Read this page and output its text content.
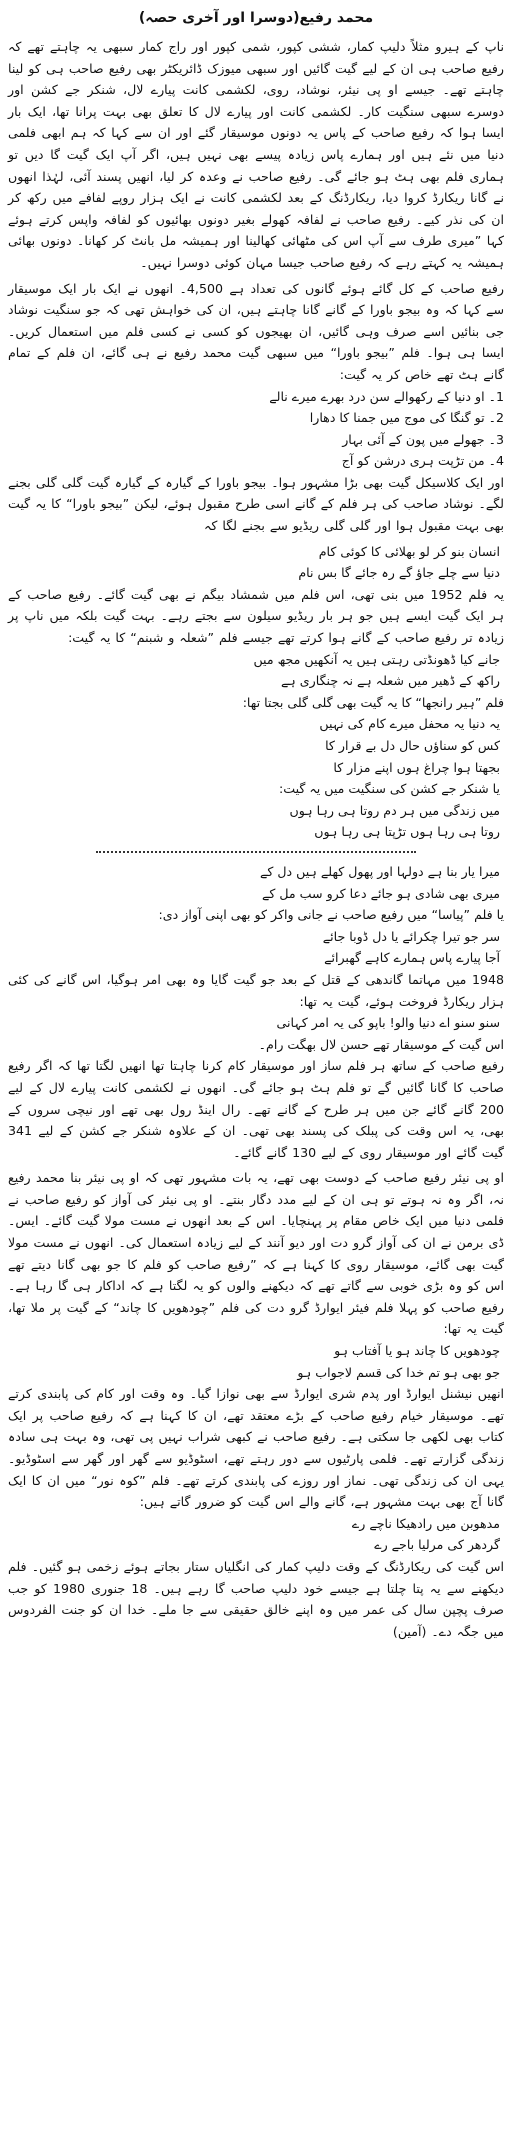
محمد رفیع(دوسرا اور آخری حصہ)

ناپ کے ہیرو مثلاً دلیپ کمار، ششی کپور، شمی کپور اور راج کمار سبھی یہ چاہتے تھے کہ رفیع صاحب ہی ان کے لیے گیت گائیں اور سبھی میوزک ڈائریکٹر بھی رفیع صاحب ہی کو لینا چاہتے تھے۔ جیسے او پی نیئر، نوشاد، روی، لکشمی کانت پیارے لال، شنکر جے کشن اور دوسرے سبھی سنگیت کار۔ لکشمی کانت اور پیارے لال کا تعلق بھی بہت پرانا تھا، ایک بار ایسا ہوا کہ رفیع صاحب کے پاس یہ دونوں موسیقار گئے اور ان سے کہا کہ ہم ابھی فلمی دنیا میں نئے ہیں اور ہمارے پاس زیادہ پیسے بھی نہیں ہیں، اگر آپ ایک گیت گا دیں تو ہماری فلم بھی ہٹ ہو جائے گی۔ رفیع صاحب نے وعدہ کر لیا، انھیں پسند آئی، لہٰذا انھوں نے گانا ریکارڈ کروا دیا، ریکارڈنگ کے بعد لکشمی کانت نے ایک ہزار روپے لفافے میں رکھ کر ان کی نذر کیے۔ رفیع صاحب نے لفافہ کھولے بغیر دونوں بھائیوں کو لفافہ واپس کرتے ہوئے کہا ”میری طرف سے آپ اس کی مٹھائی کھالینا اور ہمیشہ مل بانٹ کر کھانا۔ دونوں بھائی ہمیشہ یہ کہتے رہے کہ رفیع صاحب جیسا مہان کوئی دوسرا نہیں۔

رفیع صاحب کے کل گائے ہوئے گانوں کی تعداد ہے 4,500۔ انھوں نے ایک بار ایک موسیقار سے کہا کہ وہ بیجو باورا کے گانے گانا چاہتے ہیں، ان کی خواہش تھی کہ جو سنگیت نوشاد جی بنائیں اسے صرف وہی گائیں، ان بھیجوں کو کسی نے کسی فلم میں استعمال کریں۔ ایسا ہی ہوا۔ فلم ”بیجو باورا“ میں سبھی گیت محمد رفیع نے ہی گائے، ان فلم کے تمام گانے ہٹ تھے خاص کر یہ گیت:

1۔ او دنیا کے رکھوالے سن درد بھرے میرے نالے

2۔ تو گنگا کی موج میں جمنا کا دھارا

3۔ جھولے میں پون کے آئی بہار

4۔ من تڑپت ہری درشن کو آج

اور ایک کلاسیکل گیت بھی بڑا مشہور ہوا۔ بیجو باورا کے گیارہ کے گیارہ گیت گلی گلی بجنے لگے۔ نوشاد صاحب کی ہر فلم کے گانے اسی طرح مقبول ہوئے، لیکن ”بیجو باورا“ کا یہ گیت بھی بہت مقبول ہوا اور گلی گلی ریڈیو سے بجنے لگا کہ

انسان بنو کر لو بھلائی کا کوئی کام

دنیا سے چلے جاؤ گے رہ جائے گا بس نام

یہ فلم 1952 میں بنی تھی، اس فلم میں شمشاد بیگم نے بھی گیت گائے۔ رفیع صاحب کے ہر ایک گیت ایسے ہیں جو ہر بار ریڈیو سیلون سے بجتے رہے۔ بہت گیت بلکہ میں ناپ پر زیادہ تر رفیع صاحب کے گانے ہوا کرتے تھے جیسے فلم ”شعلہ و شبنم“ کا یہ گیت:

جانے کیا ڈھونڈتی رہتی ہیں یہ آنکھیں مجھ میں

راکھ کے ڈھیر میں شعلہ ہے نہ چنگاری ہے

فلم ”ہیر رانجھا“ کا یہ گیت بھی گلی گلی بجتا تھا:

یہ دنیا یہ محفل میرے کام کی نہیں

کس کو سناؤں حال دل بے قرار کا

بجھتا ہوا چراغ ہوں اپنے مزار کا

یا شنکر جے کشن کی سنگیت میں یہ گیت:

میں زندگی میں ہر دم روتا ہی رہا ہوں

روتا ہی رہا ہوں تڑپتا ہی رہا ہوں

میرا یار بنا ہے دولہا اور پھول کھلے ہیں دل کے

میری بھی شادی ہو جائے دعا کرو سب مل کے

یا فلم ”پیاسا“ میں رفیع صاحب نے جانی واکر کو بھی اپنی آواز دی:

سر جو تیرا چکرائے یا دل ڈوبا جائے

آجا پیارے پاس ہمارے کاہے گھبرائے

1948 میں مہاتما گاندھی کے قتل کے بعد جو گیت گایا وہ بھی امر ہوگیا، اس گانے کی کئی ہزار ریکارڈ فروخت ہوئے، گیت یہ تھا:

سنو سنو اے دنیا والو! باپو کی یہ امر کہانی

اس گیت کے موسیقار تھے حسن لال بھگت رام۔

رفیع صاحب کے ساتھ ہر فلم ساز اور موسیقار کام کرنا چاہتا تھا انھیں لگتا تھا کہ اگر رفیع صاحب کا گانا گائیں گے تو فلم ہٹ ہو جائے گی۔ انھوں نے لکشمی کانت پیارے لال کے لیے 200 گانے گائے جن میں ہر طرح کے گانے تھے۔ رال اینڈ رول بھی تھے اور نیچی سروں کے بھی، یہ اس وقت کی پبلک کی پسند بھی تھی۔ ان کے علاوہ شنکر جے کشن کے لیے 341 گیت گائے اور موسیقار روی کے لیے 130 گانے گائے۔

او پی نیئر رفیع صاحب کے دوست بھی تھے، یہ بات مشہور تھی کہ او پی نیئر بنا محمد رفیع نہ، اگر وہ نہ ہوتے تو ہی ان کے لیے مدد دگار بنتے۔ او پی نیئر کی آواز کو رفیع صاحب نے فلمی دنیا میں ایک خاص مقام پر پہنچایا۔ اس کے بعد انھوں نے مست مولا گیت گائے۔ ایس۔ ڈی برمن نے ان کی آواز گرو دت اور دیو آنند کے لیے زیادہ استعمال کی۔ انھوں نے مست مولا گیت بھی گائے، موسیقار روی کا کہنا ہے کہ ”رفیع صاحب کو فلم کا جو بھی گانا دیتے تھے اس کو وہ بڑی خوبی سے گاتے تھے کہ دیکھنے والوں کو یہ لگتا ہے کہ اداکار ہی گا رہا ہے۔ رفیع صاحب کو پہلا فلم فیئر ایوارڈ گرو دت کی فلم ”چودھویں کا چاند“ کے گیت پر ملا تھا، گیت یہ تھا:

چودھویں کا چاند ہو یا آفتاب ہو

جو بھی ہو تم خدا کی قسم لاجواب ہو

انھیں نیشنل ایوارڈ اور پدم شری ایوارڈ سے بھی نوازا گیا۔ وہ وقت اور کام کی پابندی کرتے تھے۔ موسیقار خیام رفیع صاحب کے بڑے معتقد تھے، ان کا کہنا ہے کہ رفیع صاحب پر ایک کتاب بھی لکھی جا سکتی ہے۔ رفیع صاحب نے کبھی شراب نہیں پی تھی، وہ بہت ہی سادہ زندگی گزارتے تھے۔ فلمی پارٹیوں سے دور رہتے تھے، اسٹوڈیو سے گھر اور گھر سے اسٹوڈیو۔ یہی ان کی زندگی تھی۔ نماز اور روزے کی پابندی کرتے تھے۔ فلم ”کوہ نور“ میں ان کا ایک گانا آج بھی بہت مشہور ہے، گانے والے اس گیت کو ضرور گاتے ہیں:

مدھوبن میں رادھیکا ناچے رے

گردھر کی مرلیا باجے رے

اس گیت کی ریکارڈنگ کے وقت دلیپ کمار کی انگلیاں ستار بجاتے ہوئے زخمی ہو گئیں۔ فلم دیکھنے سے یہ پتا چلتا ہے جیسے خود دلیپ صاحب گا رہے ہیں۔ 18 جنوری 1980 کو جب صرف پچپن سال کی عمر میں وہ اپنے خالق حقیقی سے جا ملے۔ خدا ان کو جنت الفردوس میں جگہ دے۔ (آمین)
